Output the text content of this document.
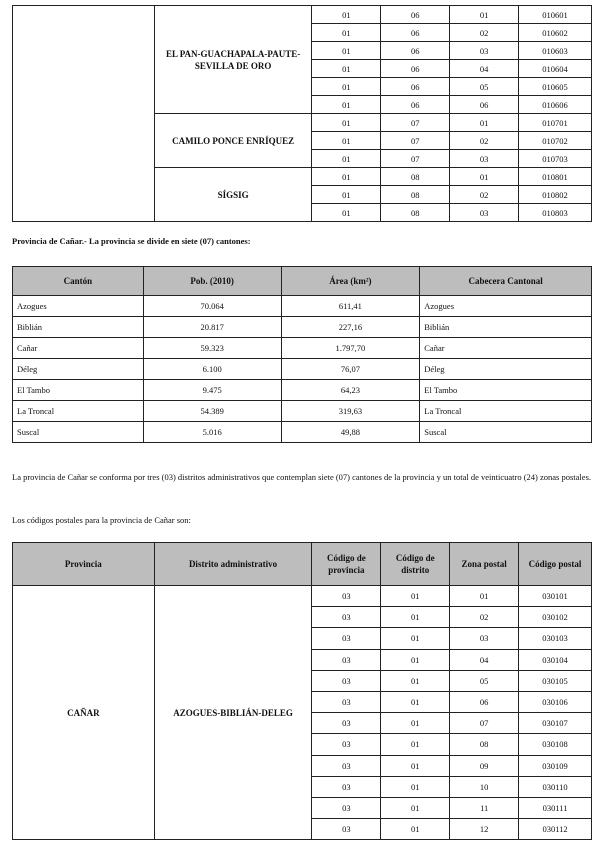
	EL PAN-GUACHAPALA-PAUTE-SEVILLA DE ORO	01	06	01	010601
		01	06	02	010602
		01	06	03	010603
		01	06	04	010604
		01	06	05	010605
		01	06	06	010606
	CAMILO PONCE ENRÍQUEZ	01	07	01	010701
		01	07	02	010702
		01	07	03	010703
	SÍGSIG	01	08	01	010801
		01	08	02	010802
		01	08	03	010803
Provincia de Cañar.- La provincia se divide en siete (07) cantones:
Cantón	Pob. (2010)	Área (km²)	Cabecera Cantonal
Azogues	70.064	611,41	Azogues
Biblián	20.817	227,16	Biblián
Cañar	59.323	1.797,70	Cañar
Déleg	6.100	76,07	Déleg
El Tambo	9.475	64,23	El Tambo
La Troncal	54.389	319,63	La Troncal
Suscal	5.016	49,88	Suscal
La provincia de Cañar se conforma por tres (03) distritos administrativos que contemplan siete (07) cantones de la provincia y un total de veinticuatro (24) zonas postales.
Los códigos postales para la provincia de Cañar son:
Provincia	Distrito administrativo	Código de provincia	Código de distrito	Zona postal	Código postal
CAÑAR	AZOGUES-BIBLIÁN-DELEG	03	01	01	030101
		03	01	02	030102
		03	01	03	030103
		03	01	04	030104
		03	01	05	030105
		03	01	06	030106
		03	01	07	030107
		03	01	08	030108
		03	01	09	030109
		03	01	10	030110
		03	01	11	030111
		03	01	12	030112
